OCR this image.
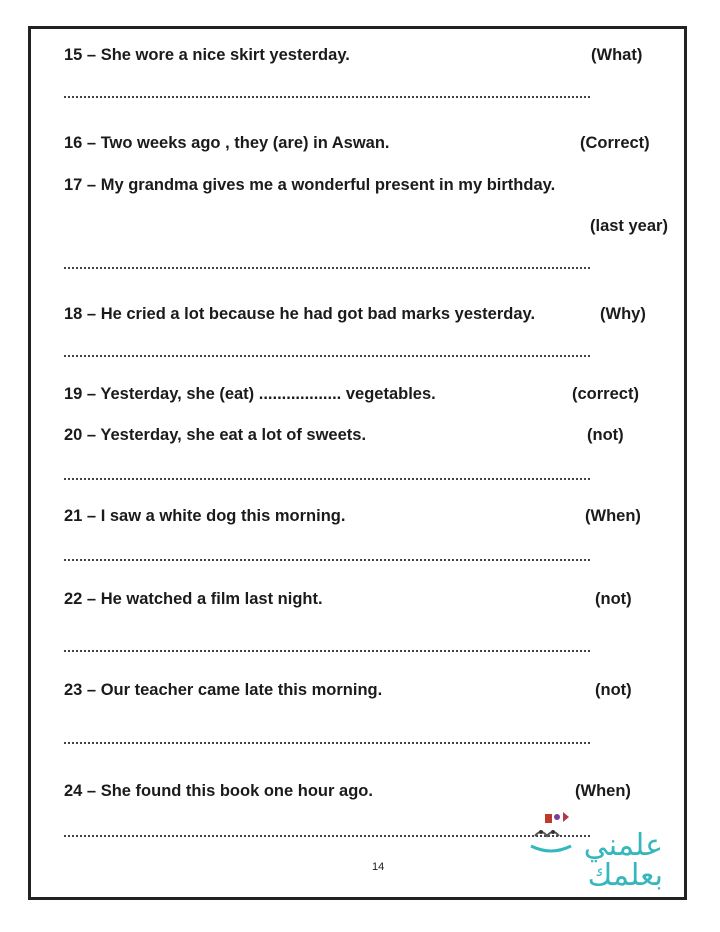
15 – She wore a nice skirt yesterday.	(What)
16 – Two weeks ago , they (are) in Aswan.	(Correct)
17 – My grandma gives me a wonderful present in my birthday.
(last year)
18 – He cried a lot because he had got bad marks yesterday.	(Why)
19 – Yesterday, she (eat) .................. vegetables.	(correct)
20 – Yesterday, she eat a lot of sweets.	(not)
21 – I saw a white dog this morning.	(When)
22 – He watched a film last night.	(not)
23 – Our teacher came late this morning.	(not)
24 – She found this book one hour ago.	(When)
14
علمني
بعلمك
